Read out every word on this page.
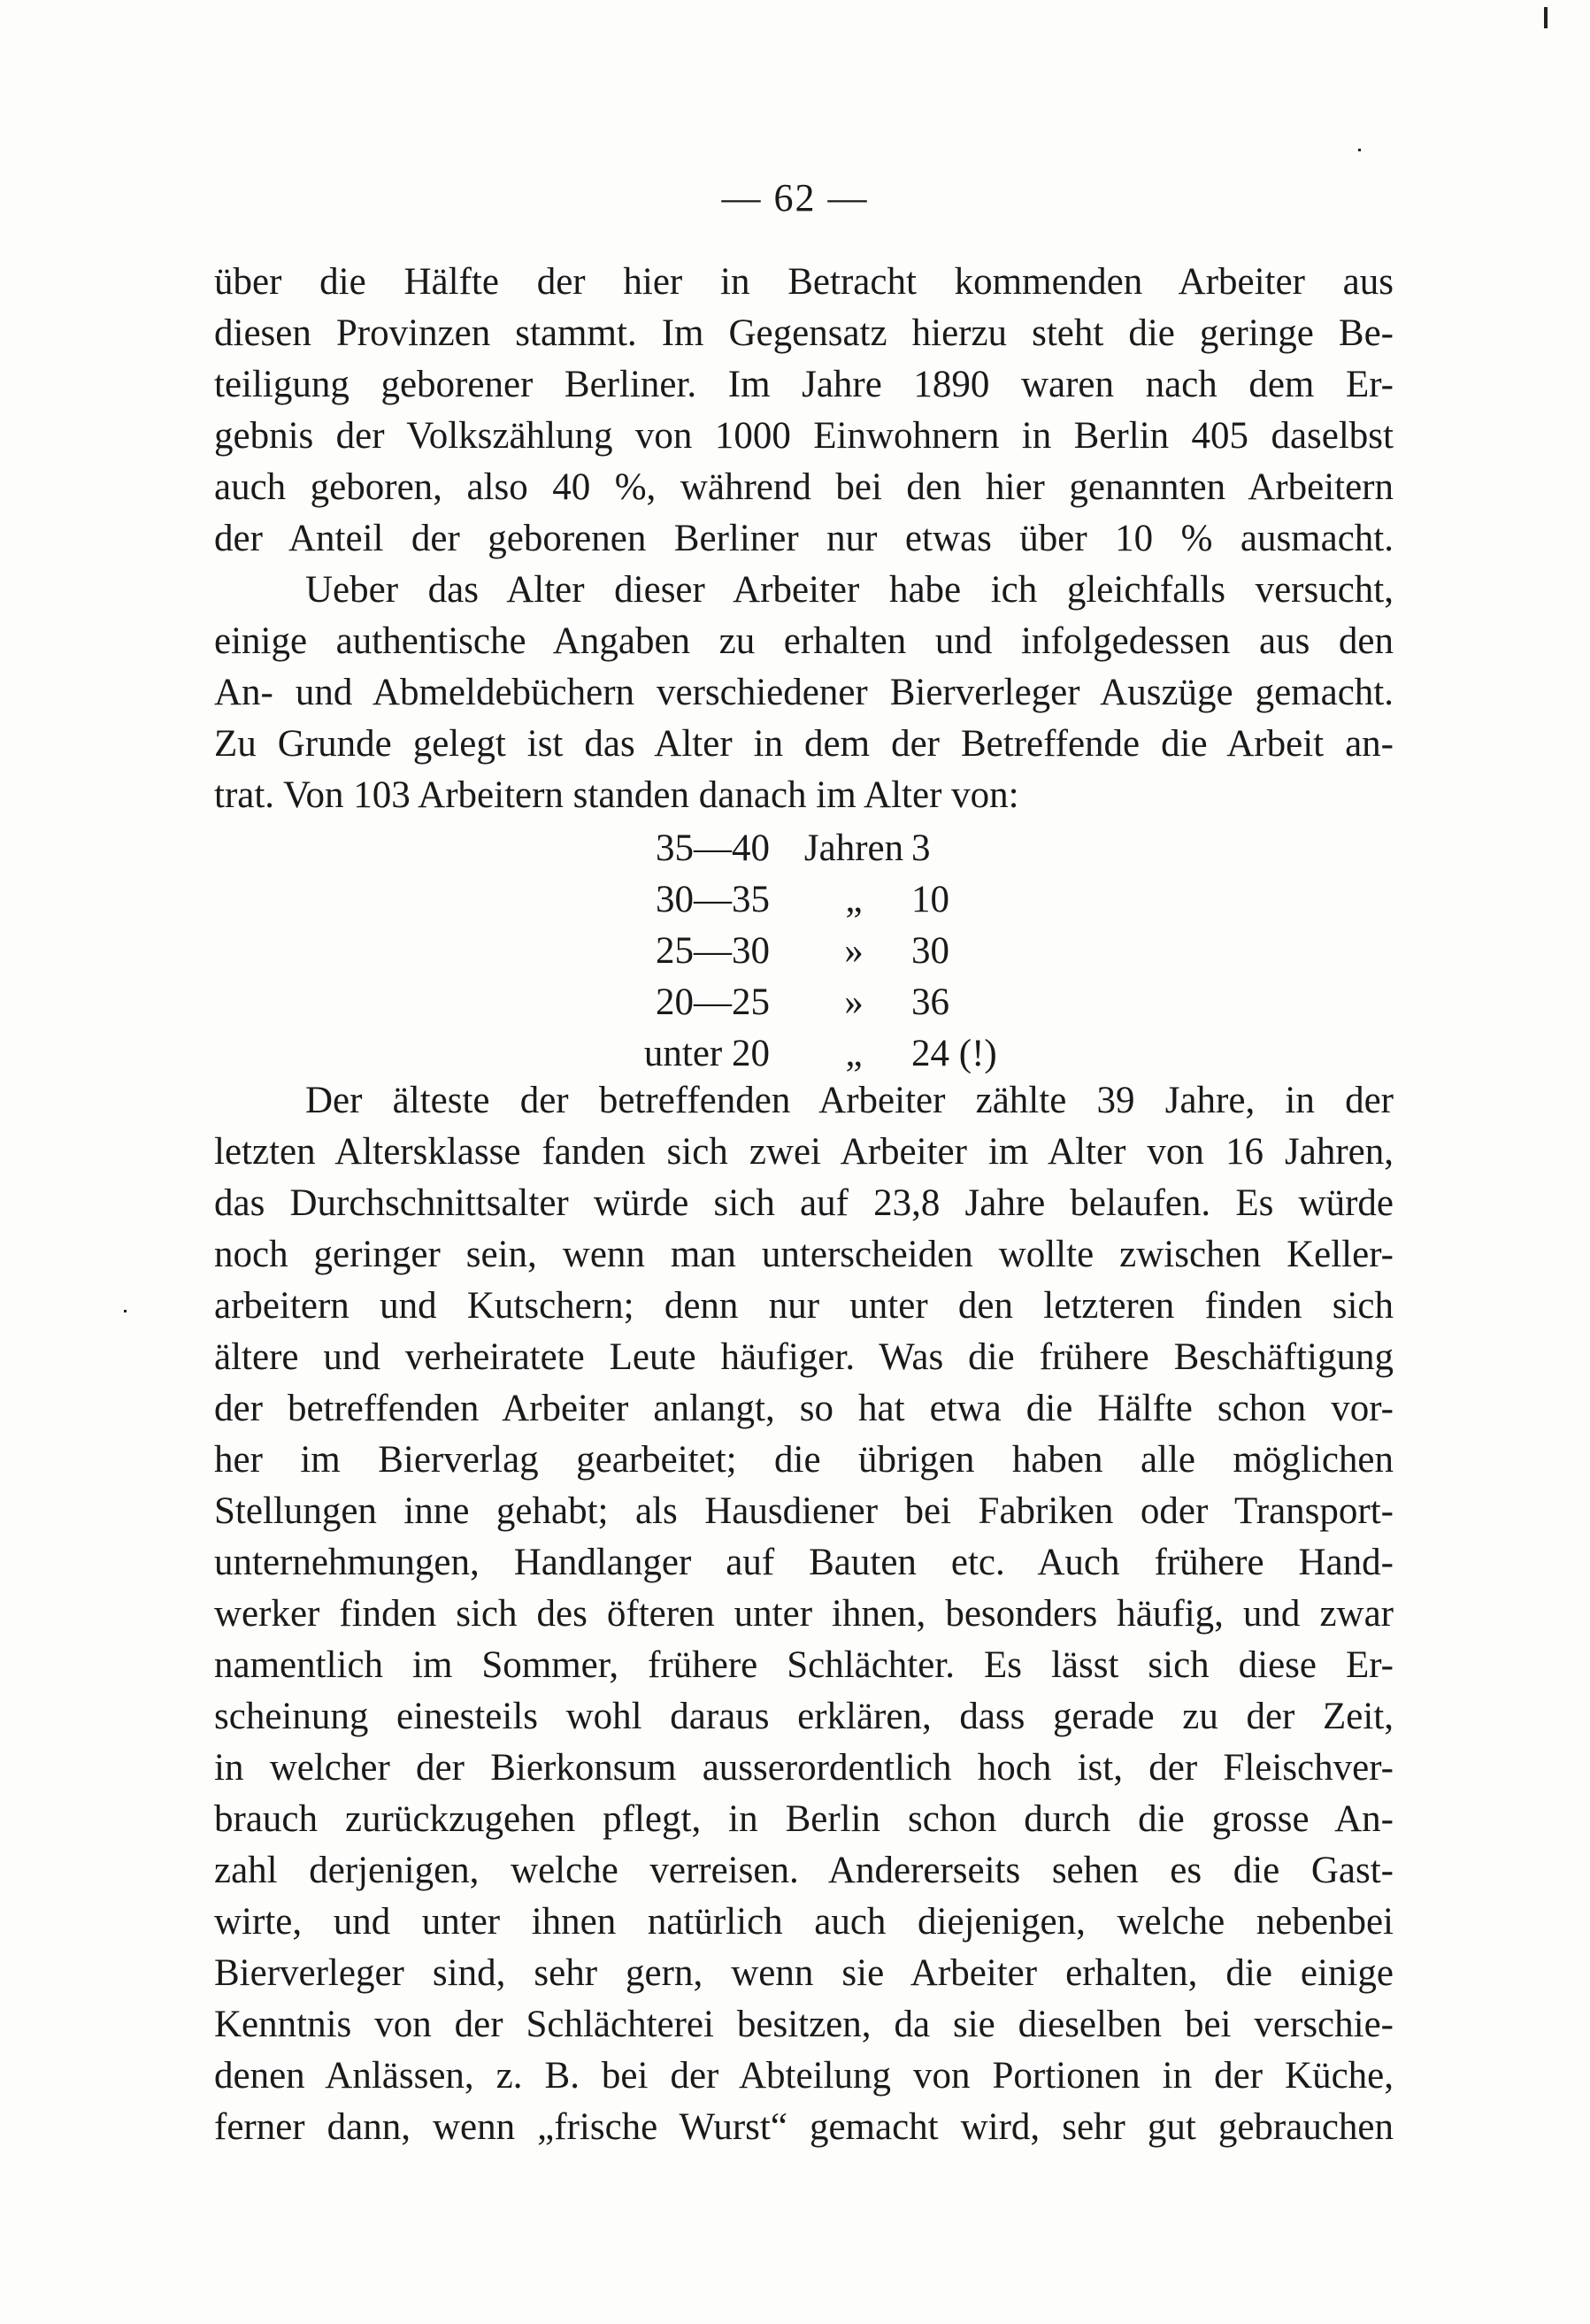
— 62 —
über die Hälfte der hier in Betracht kommenden Arbeiter aus
diesen Provinzen stammt. Im Gegensatz hierzu steht die geringe Be-
teiligung geborener Berliner. Im Jahre 1890 waren nach dem Er-
gebnis der Volkszählung von 1000 Einwohnern in Berlin 405 daselbst
auch geboren, also 40 %, während bei den hier genannten Arbeitern
der Anteil der geborenen Berliner nur etwas über 10 % ausmacht.
Ueber das Alter dieser Arbeiter habe ich gleichfalls versucht,
einige authentische Angaben zu erhalten und infolgedessen aus den
An- und Abmeldebüchern verschiedener Bierverleger Auszüge gemacht.
Zu Grunde gelegt ist das Alter in dem der Betreffende die Arbeit an-
trat. Von 103 Arbeitern standen danach im Alter von:
35—40 Jahren 3
30—35	„	10
25—30	»	30
20—25	»	36
unter 20	„	24 (!)
Der älteste der betreffenden Arbeiter zählte 39 Jahre, in der
letzten Altersklasse fanden sich zwei Arbeiter im Alter von 16 Jahren,
das Durchschnittsalter würde sich auf 23,8 Jahre belaufen. Es würde
noch geringer sein, wenn man unterscheiden wollte zwischen Keller-
arbeitern und Kutschern; denn nur unter den letzteren finden sich
ältere und verheiratete Leute häufiger. Was die frühere Beschäftigung
der betreffenden Arbeiter anlangt, so hat etwa die Hälfte schon vor-
her im Bierverlag gearbeitet; die übrigen haben alle möglichen
Stellungen inne gehabt; als Hausdiener bei Fabriken oder Transport-
unternehmungen, Handlanger auf Bauten etc. Auch frühere Hand-
werker finden sich des öfteren unter ihnen, besonders häufig, und zwar
namentlich im Sommer, frühere Schlächter. Es lässt sich diese Er-
scheinung einesteils wohl daraus erklären, dass gerade zu der Zeit,
in welcher der Bierkonsum ausserordentlich hoch ist, der Fleischver-
brauch zurückzugehen pflegt, in Berlin schon durch die grosse An-
zahl derjenigen, welche verreisen. Andererseits sehen es die Gast-
wirte, und unter ihnen natürlich auch diejenigen, welche nebenbei
Bierverleger sind, sehr gern, wenn sie Arbeiter erhalten, die einige
Kenntnis von der Schlächterei besitzen, da sie dieselben bei verschie-
denen Anlässen, z. B. bei der Abteilung von Portionen in der Küche,
ferner dann, wenn „frische Wurst“ gemacht wird, sehr gut gebrauchen
